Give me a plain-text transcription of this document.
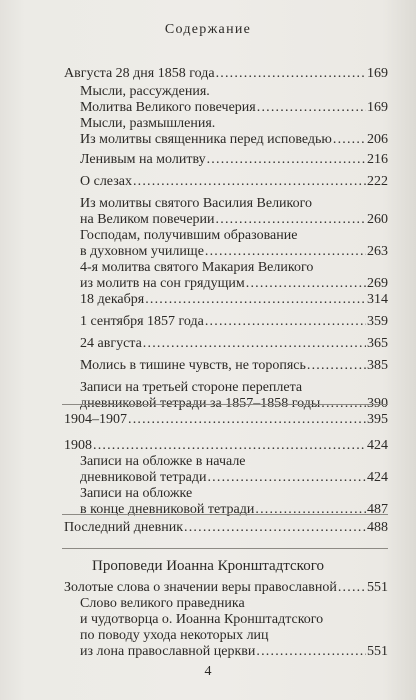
Содержание
Августа 28 дня 1858 года .....	169
Мысли, рассуждения.
Молитва Великого повечерия .....	169
Мысли, размышления.
Из молитвы священника перед исповедью .....	206
Ленивым на молитву .....	216
О слезах .....	222
Из молитвы святого Василия Великого
на Великом повечерии .....	260
Господам, получившим образование
в духовном училище .....	263
4-я молитва святого Макария Великого
из молитв на сон грядущим .....	269
18 декабря .....	314
1 сентября 1857 года .....	359
24 августа .....	365
Молись в тишине чувств, не торопясь .....	385
Записи на третьей стороне переплета
дневниковой тетради за 1857–1858 годы .....	390
1904–1907 .....	395
1908 .....	424
Записи на обложке в начале
дневниковой тетради .....	424
Записи на обложке
в конце дневниковой тетради .....	487
Последний дневник .....	488
Золотые слова о значении веры православной ..... 551
Слово великого праведника
и чудотворца о. Иоанна Кронштадтского
по поводу ухода некоторых лиц
из лона православной церкви .....	551
Проповеди Иоанна Кронштадтского
4
